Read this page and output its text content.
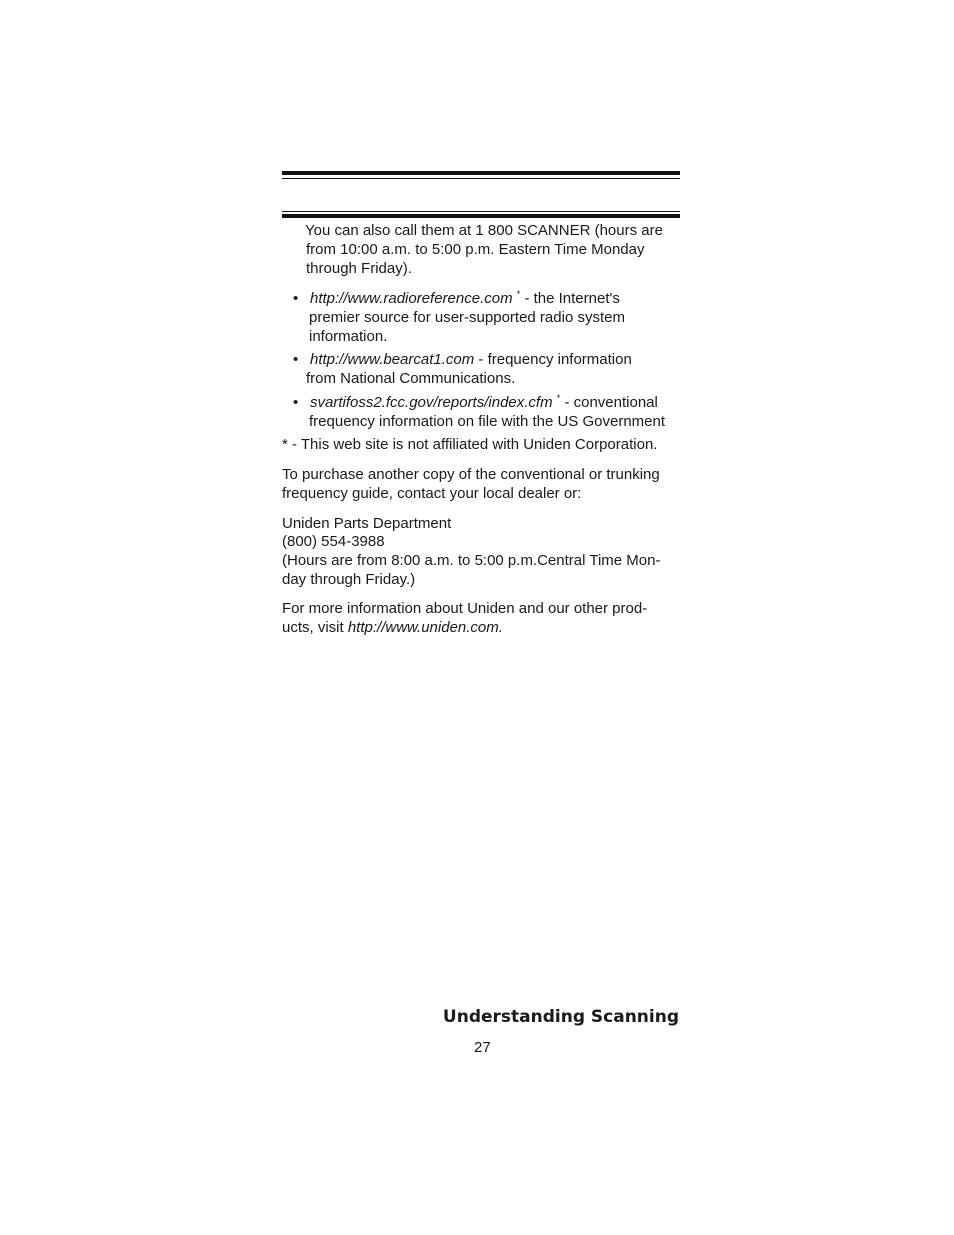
You can also call them at 1 800 SCANNER (hours are
from 10:00 a.m. to 5:00 p.m. Eastern Time Monday
through Friday).
• http://www.radioreference.com * - the Internet's
premier source for user-supported radio system
information.
• http://www.bearcat1.com - frequency information
from National Communications.
• svartifoss2.fcc.gov/reports/index.cfm * - conventional
frequency information on file with the US Government
* - This web site is not affiliated with Uniden Corporation.
To purchase another copy of the conventional or trunking
frequency guide, contact your local dealer or:
Uniden Parts Department
(800) 554-3988
(Hours are from 8:00 a.m. to 5:00 p.m.Central Time Mon-
day through Friday.)
For more information about Uniden and our other prod-
ucts, visit http://www.uniden.com.
Understanding Scanning
27
